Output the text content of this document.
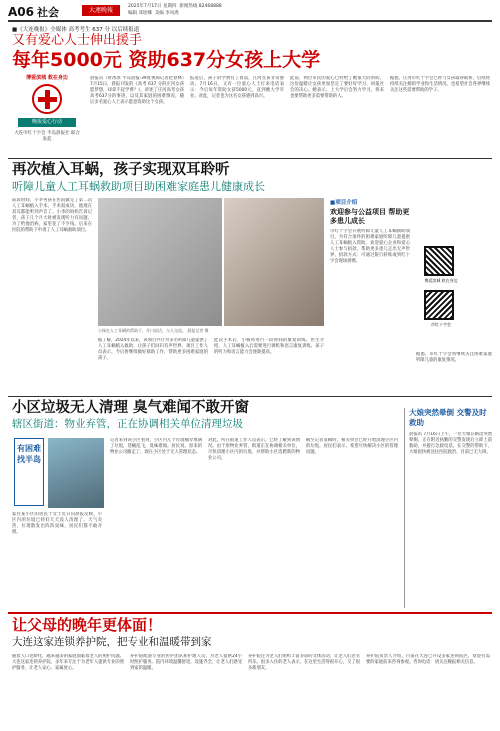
A06 社会	大連晩報
2025年7月17日 星期四 新闻热线 82468888
编辑 邓瑶娜 美编 李凤禹
■《大连晚报》全媒体 高考考生 637 分 以后续报道
又有爱心人士伸出援手
每年5000元 资助637分女孩上大学
博爱滨城 救在身边
晚报爱心行动
大连市红十字会 半岛晨报社 联合发起
晨报讯（时冰冰 半岛晨报·39度视频记者赵春林）7月15日，晨报刊发的《高考 637 分的庄河女孩愿梦想，却拿不起学费？》，讲述了庄河高考女孩高考637分的事迹，以及其家庭的困难情况，随后多名爱心人士表示愿意资助这个女孩。
报道后，孩子的学费有了着落，庄河女孩非常感动。7月16日，又有一位爱心人士打来电话表示：今后每年资助女孩5000元，直到她大学毕业。对此，记者也为这名女孩感到高兴。
此前，两位市民的爱心已经给了她很大的帮助。这份温暖让女孩更加坚定了要好好学习、回报社会的决心。她表示，上大学后会努力学习，将来也要帮助更多需要帮助的人。
据悉，庄河市红十字会已经与女孩取得联系，后续将持续关注她的学业和生活情况。也希望社会各界继续关注这些需要帮助的学子。
再次植入耳蜗，孩子实现双耳聆听
听障儿童人工耳蜗救助项目助困难家庭患儿健康成长
前段时间，小李男孩在医院做完了第二次人工耳蜗植入手术。手术很成功，他现在双耳都能听到声音了。小李的妈妈告诉记者，孩子几个月大时被发现听力有问题，为了给他治病，家里花了不少钱。后来在医院的帮助下申请了人工耳蜗救助项目。
小杨在人工耳蜗的帮助下，开口说话，与人交流。 晨报记者 摄
据了解，2024年以来，该项目共计为多名听障儿童提供了人工耳蜗植入救助，让孩子们回归有声世界。项目工作人员表示，今后将继续做好救助工作，帮助更多困难家庭的孩子。
此次手术后，小杨将进行一段时间的康复训练。医生介绍，人工耳蜗植入后需要进行调机和语言康复训练，孩子的听力和语言能力会逐渐提高。
■项目介绍
欢迎参与公益项目 帮助更多患儿成长
市红十字会开展听障儿童人工耳蜗救助项目，为符合条件的困难家庭听障儿童提供人工耳蜗植入资助。欢迎爱心企业和爱心人士参与捐款，帮助更多患儿走出无声世界。捐款方式：可通过银行转账或到红十字会现场捐赠。
博爱滨城 救在身边
市红十字会
据悉，市红十字会将继续关注困难家庭听障儿童的康复情况。
小区垃圾无人清理 臭气难闻不敢开窗
辖区街道：物业弃管，正在协调相关单位清理垃圾
有困难 找半岛
家住某小区的居民于女士近日向晨报反映，小区内的垃圾已经好几天没人清理了。天气炎热，垃圾散发出阵阵臭味，居民们都不敢开窗。
记者来到该小区看到，小区内几个垃圾桶旁堆满了垃圾，苍蝇乱飞，臭味难闻。居民说，原来的物业公司撤走了，现在小区处于无人管理状态。
对此，所在街道工作人员表示，已经了解到该情况。由于原物业弃管，街道正在协调相关单位，尽快清理小区内的垃圾，并帮助小区选聘新的物业公司。
截至记者发稿时，相关单位已经开始清理小区内的垃圾。居民们表示，希望尽快解决小区的管理问题。
大娘突然晕倒 交警及时救助
晨报讯 7月16日上午，一位大娘在路边突然晕倒，正在附近执勤的交警发现后立即上前救助，并拨打急救电话。在交警的帮助下，大娘很快被送往医院救治，目前已无大碍。
让父母的晚年更体面！
大连这家连锁养护院，把专业和温暖带到家
随着人口老龄化，越来越多的家庭面临着老人的照护问题。大连这家连锁养护院，多年来专注于为老年人提供专业的照护服务，让老人安心、家属放心。
养护院配备专业的医护团队和护理人员，为老人提供24小时照护服务。院内环境温馨舒适，设施齐全，让老人们感受到家的温暖。
养护院还为老人们组织丰富多彩的文体活动，让老人们老有所乐。很多入住的老人表示，在这里生活得很开心，交了很多新朋友。
养护院负责人介绍，目前在大连已开设多家连锁院区，欢迎有需要的家庭前来咨询参观。咨询电话：请关注晚报相关信息。
